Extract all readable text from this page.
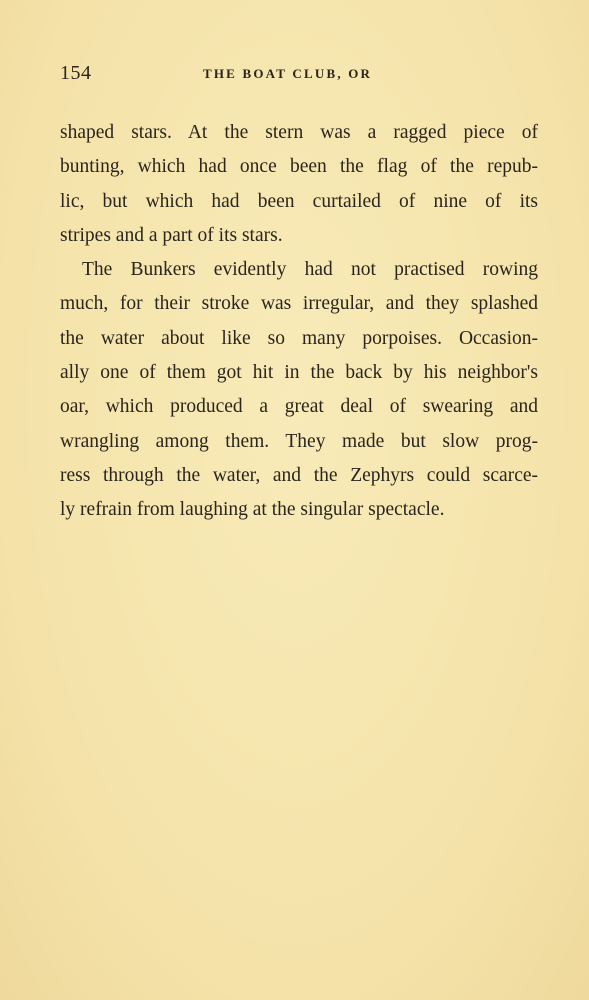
154	THE BOAT CLUB, OR
shaped stars. At the stern was a ragged piece of
bunting, which had once been the flag of the repub-
lic, but which had been curtailed of nine of its
stripes and a part of its stars.
The Bunkers evidently had not practised rowing
much, for their stroke was irregular, and they splashed
the water about like so many porpoises. Occasion-
ally one of them got hit in the back by his neighbor's
oar, which produced a great deal of swearing and
wrangling among them. They made but slow prog-
ress through the water, and the Zephyrs could scarce-
ly refrain from laughing at the singular spectacle.
